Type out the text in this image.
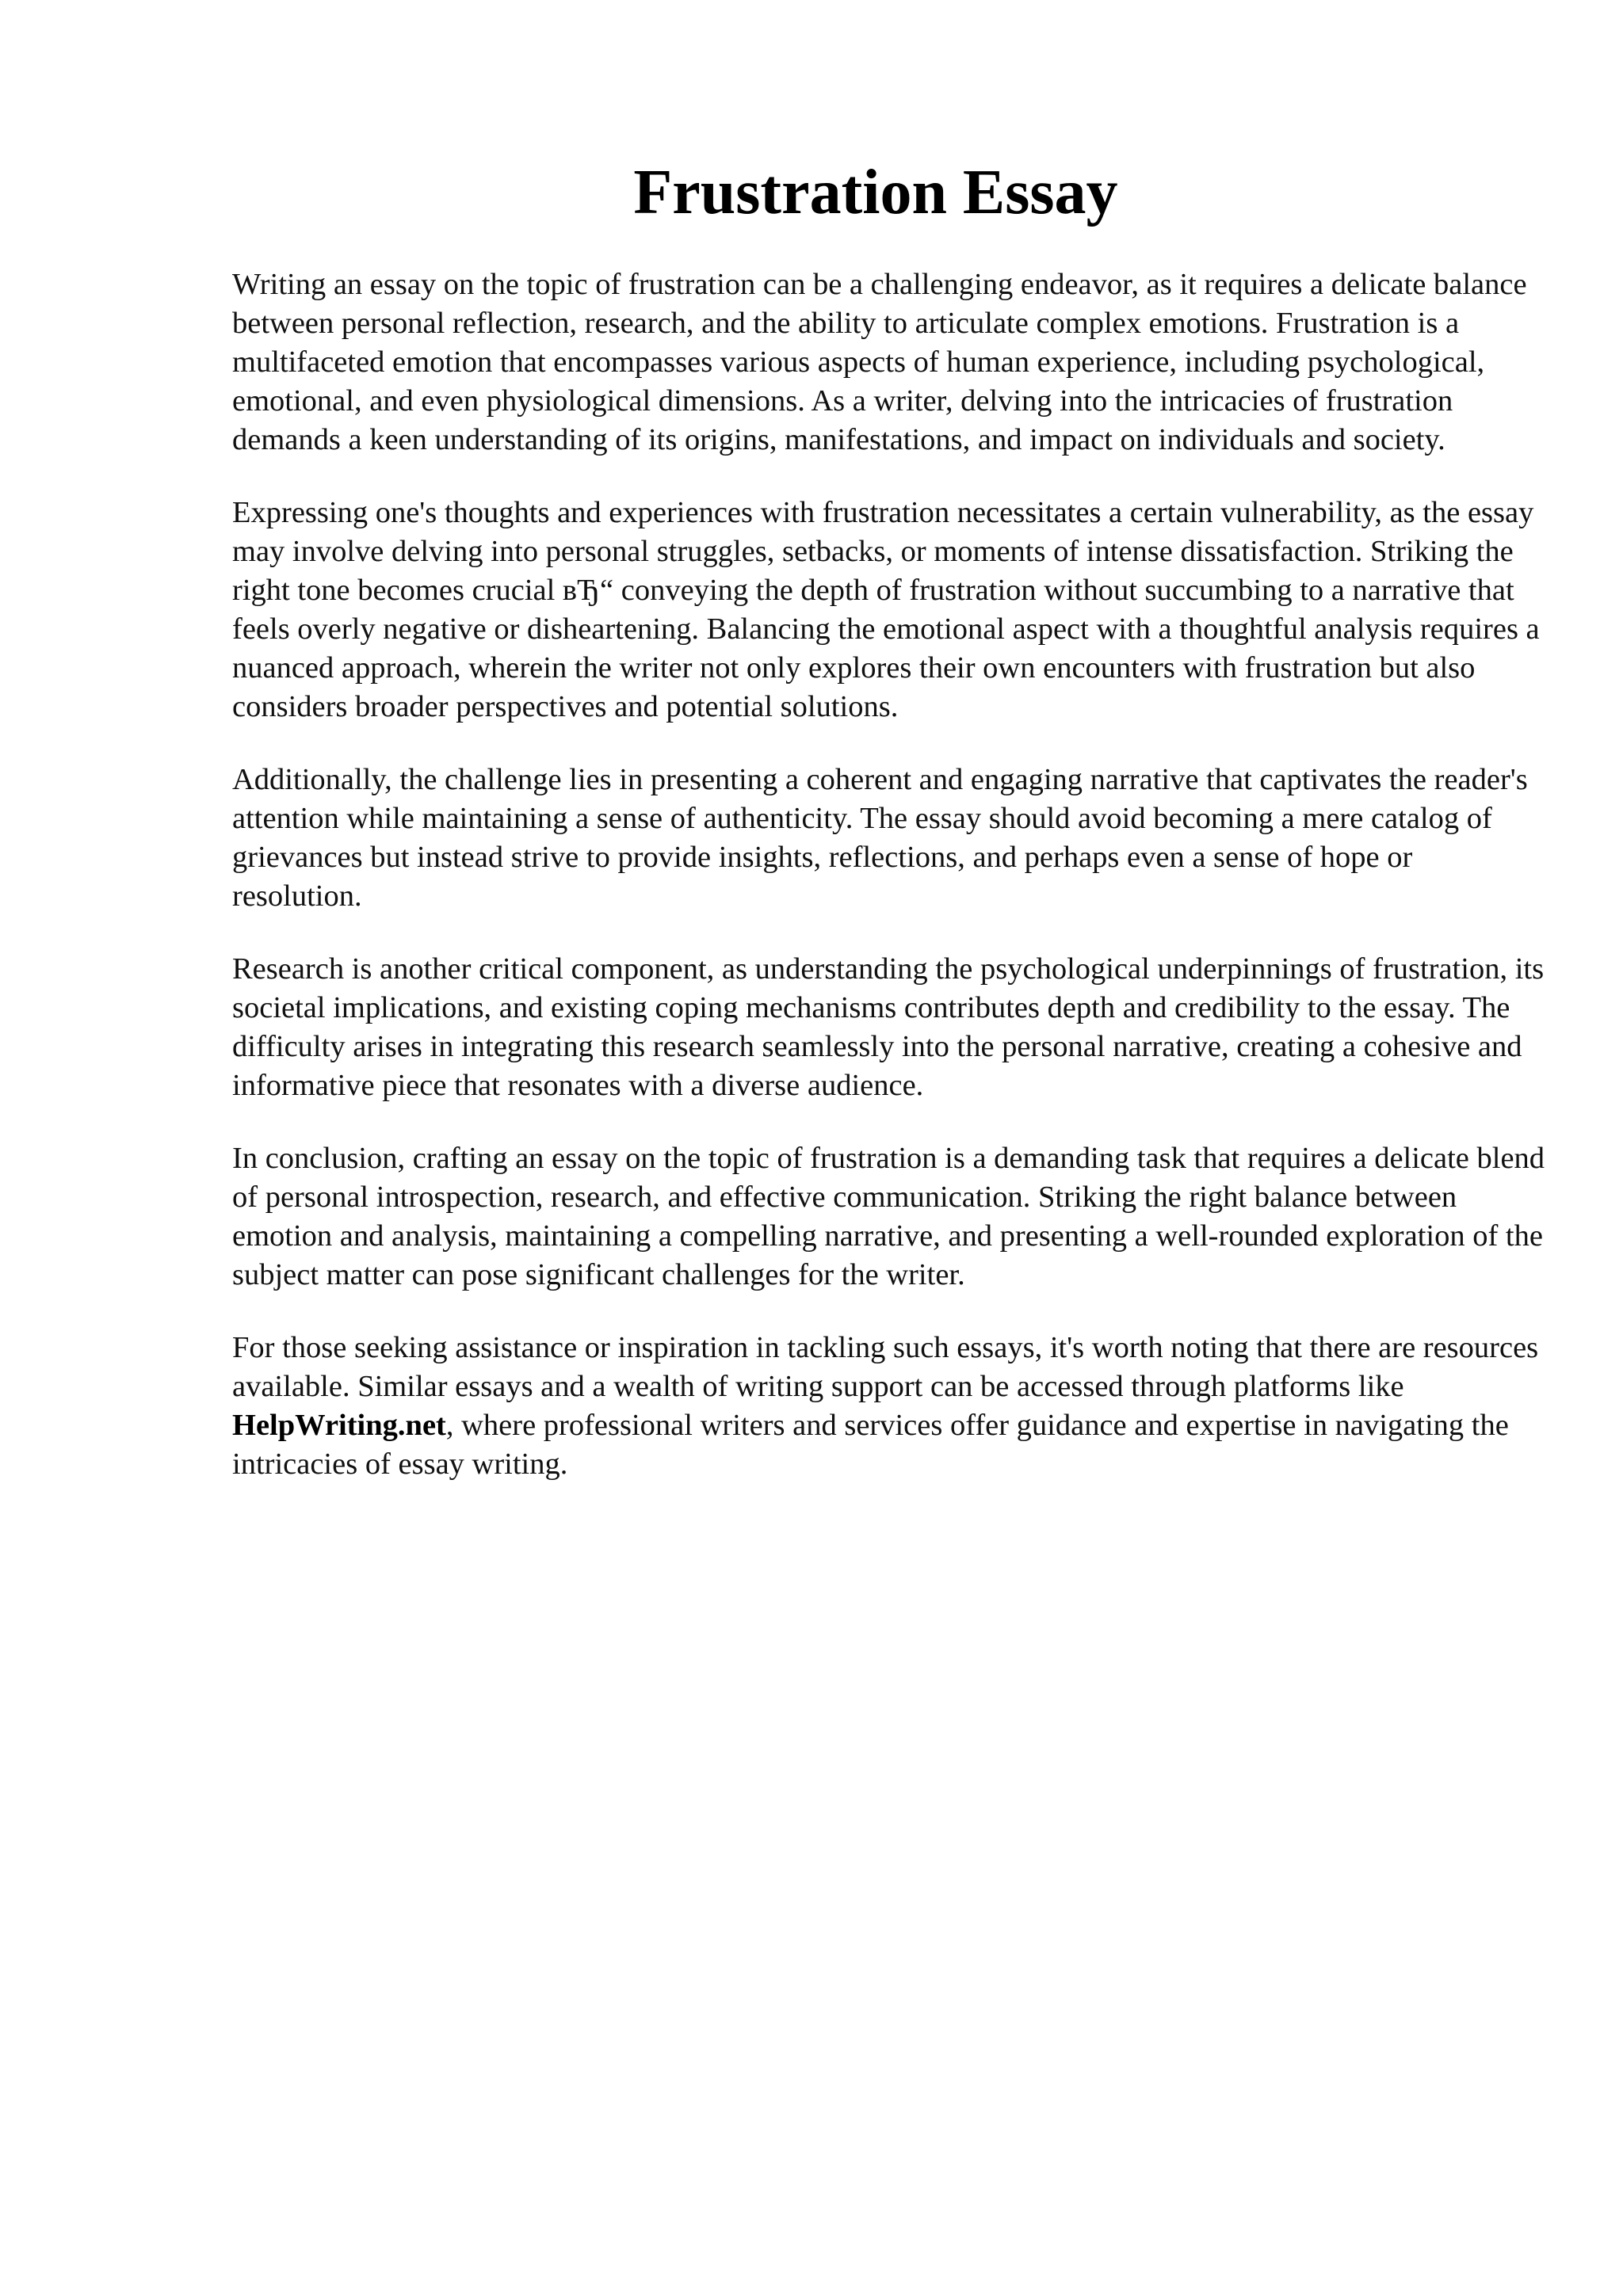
Frustration Essay

Writing an essay on the topic of frustration can be a challenging endeavor, as it requires a delicate balance between personal reflection, research, and the ability to articulate complex emotions. Frustration is a multifaceted emotion that encompasses various aspects of human experience, including psychological, emotional, and even physiological dimensions. As a writer, delving into the intricacies of frustration demands a keen understanding of its origins, manifestations, and impact on individuals and society.

Expressing one's thoughts and experiences with frustration necessitates a certain vulnerability, as the essay may involve delving into personal struggles, setbacks, or moments of intense dissatisfaction. Striking the right tone becomes crucial вЂ“ conveying the depth of frustration without succumbing to a narrative that feels overly negative or disheartening. Balancing the emotional aspect with a thoughtful analysis requires a nuanced approach, wherein the writer not only explores their own encounters with frustration but also considers broader perspectives and potential solutions.

Additionally, the challenge lies in presenting a coherent and engaging narrative that captivates the reader's attention while maintaining a sense of authenticity. The essay should avoid becoming a mere catalog of grievances but instead strive to provide insights, reflections, and perhaps even a sense of hope or resolution.

Research is another critical component, as understanding the psychological underpinnings of frustration, its societal implications, and existing coping mechanisms contributes depth and credibility to the essay. The difficulty arises in integrating this research seamlessly into the personal narrative, creating a cohesive and informative piece that resonates with a diverse audience.

In conclusion, crafting an essay on the topic of frustration is a demanding task that requires a delicate blend of personal introspection, research, and effective communication. Striking the right balance between emotion and analysis, maintaining a compelling narrative, and presenting a well-rounded exploration of the subject matter can pose significant challenges for the writer.

For those seeking assistance or inspiration in tackling such essays, it's worth noting that there are resources available. Similar essays and a wealth of writing support can be accessed through platforms like HelpWriting.net, where professional writers and services offer guidance and expertise in navigating the intricacies of essay writing.
